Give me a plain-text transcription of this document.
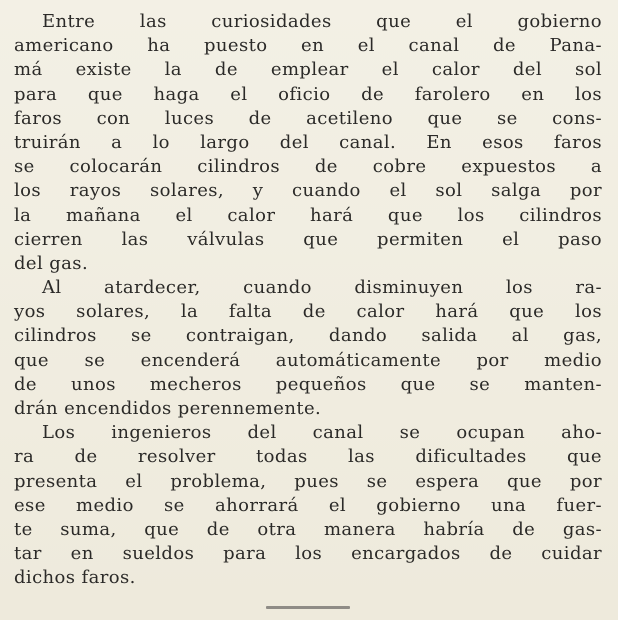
Entre las curiosidades que el gobierno
americano ha puesto en el canal de Pana-
má existe la de emplear el calor del sol
para que haga el oficio de farolero en los
faros con luces de acetileno que se cons-
truirán a lo largo del canal. En esos faros
se colocarán cilindros de cobre expuestos a
los rayos solares, y cuando el sol salga por
la mañana el calor hará que los cilindros
cierren las válvulas que permiten el paso
del gas.
Al atardecer, cuando disminuyen los ra-
yos solares, la falta de calor hará que los
cilindros se contraigan, dando salida al gas,
que se encenderá automáticamente por medio
de unos mecheros pequeños que se manten-
drán encendidos perennemente.
Los ingenieros del canal se ocupan aho-
ra de resolver todas las dificultades que
presenta el problema, pues se espera que por
ese medio se ahorrará el gobierno una fuer-
te suma, que de otra manera habría de gas-
tar en sueldos para los encargados de cuidar
dichos faros.
